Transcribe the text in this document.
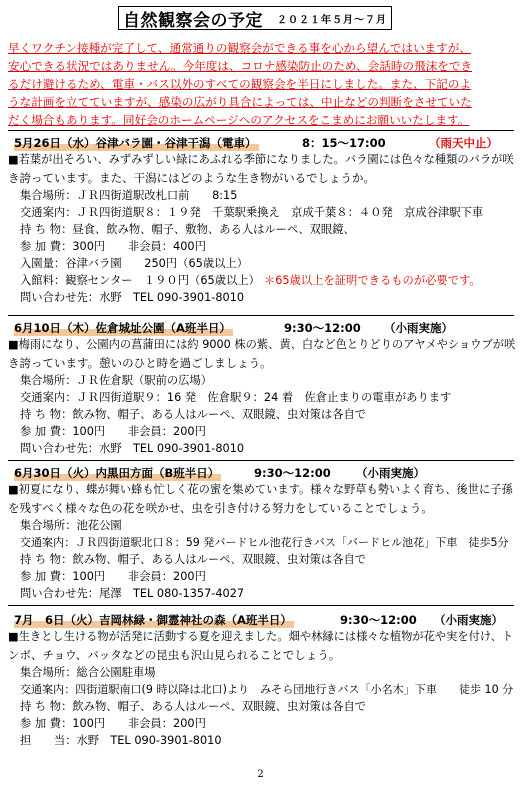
自然観察会の予定 ２０２１年５月～７月
早くワクチン接種が完了して、通常通りの観察会ができる事を心から望んではいますが、
安心できる状況ではありません。今年度は、コロナ感染防止のため、会話時の飛沫をでき
るだけ避けるため、電車・バス以外のすべての観察会を半日にしました。また、下記のよ
うな計画を立てていますが、感染の広がり具合によっては、中止などの判断をさせていた
だく場合もあります。同好会のホームページへのアクセスをこまめにお願いいたします。
5月26日（水）谷津バラ園・谷津干潟（電車）	8：15～17:00	（雨天中止）
■若葉が出そろい、みずみずしい緑にあふれる季節になりました。バラ園には色々な種類のバラが咲
き誇っています。また、干潟にはどのような生き物がいるでしょうか。
集合場所： ＪＲ四街道駅改札口前　　8:15
交通案内： ＪＲ四街道駅８：１９発　千葉駅乗換え　京成千葉８：４０発　京成谷津駅下車
持 ち 物： 昼食、飲み物、帽子、敷物、ある人はルーペ、双眼鏡、
参 加 費： 300円　　非会員：400円
入園量： 谷津バラ園　　250円（65歳以上）
入館料： 観察センター　１９０円（65歳以上） ＊65歳以上を証明できるものが必要です。
問い合わせ先： 水野　TEL 090-3901-8010
6月10日（木）佐倉城址公園（A班半日）	9:30～12:00 （小雨実施）
■梅雨になり、公園内の菖蒲田には約 9000 株の紫、黄、白など色とりどりのアヤメやショウブが咲
き誇っています。憩いのひと時を過ごしましょう。
集合場所： ＪＲ佐倉駅（駅前の広場）
交通案内： ＪＲ四街道駅９：16 発　佐倉駅９：24 着　佐倉止まりの電車があります
持 ち 物： 飲み物、帽子、ある人はルーペ、双眼鏡、虫対策は各自で
参 加 費： 100円　　非会員：200円
問い合わせ先： 水野　TEL 090-3901-8010
6月30日（火）内黒田方面（B班半日）	9:30～12:00 （小雨実施）
■初夏になり、蝶が舞い蜂も忙しく花の蜜を集めています。様々な野草も勢いよく育ち、後世に子孫
を残すべく様々な色の花を咲かせ、虫を引き付ける努力をしていることでしょう。
集合場所： 池花公園
交通案内： ＪＲ四街道駅北口８：59 発バードヒル池花行きバス「バードヒル池花」下車　徒歩5分
持 ち 物： 飲み物、帽子、ある人はルーペ、双眼鏡、虫対策は各自で
参 加 費： 100円　　非会員：200円
問い合わせ先： 尾澤　TEL 080-1357-4027
7月　6日（火）吉岡林緑・御霊神社の森（A班半日）	9:30～12:00 （小雨実施）
■生きとし生ける物が活発に活動する夏を迎えました。畑や林縁には様々な植物が花や実を付け、ト
ンボ、チョウ、バッタなどの昆虫も沢山見られることでしょう。
集合場所： 総合公園駐車場
交通案内： 四街道駅南口(9 時以降は北口)より　みそら団地行きバス「小名木」下車　　徒歩 10 分
持 ち 物： 飲み物、帽子、ある人はルーペ、双眼鏡、虫対策は各自で
参 加 費： 100円　　非会員：200円
担　　当： 水野　TEL 090-3901-8010
2
